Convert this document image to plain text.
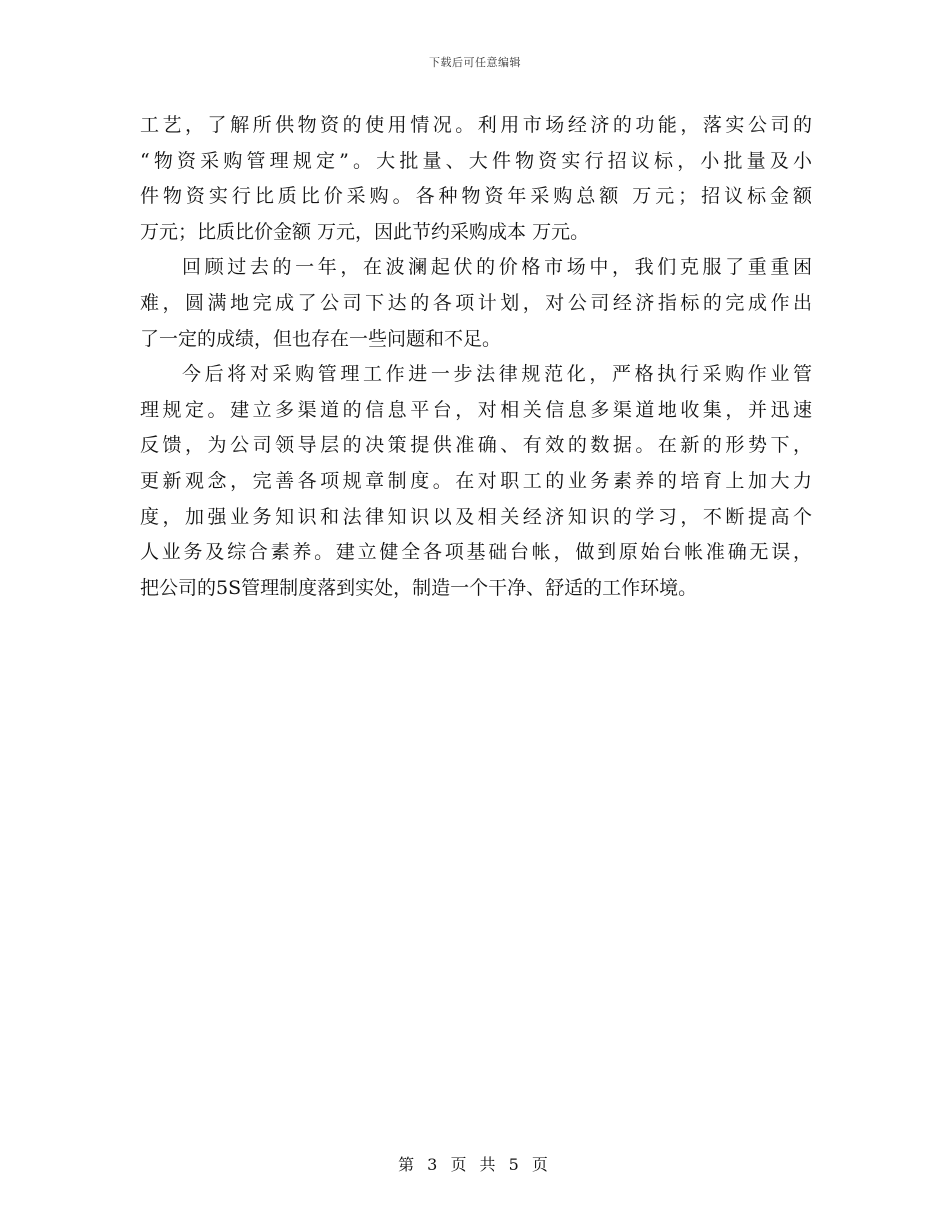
下载后可任意编辑
工艺，了解所供物资的使用情况。利用市场经济的功能，落实公司的
“物资采购管理规定”。大批量、大件物资实行招议标，小批量及小
件物资实行比质比价采购。各种物资年采购总额 万元；招议标金额
万元；比质比价金额 万元，因此节约采购成本 万元。
回顾过去的一年，在波澜起伏的价格市场中，我们克服了重重困
难，圆满地完成了公司下达的各项计划，对公司经济指标的完成作出
了一定的成绩，但也存在一些问题和不足。
今后将对采购管理工作进一步法律规范化，严格执行采购作业管
理规定。建立多渠道的信息平台，对相关信息多渠道地收集，并迅速
反馈，为公司领导层的决策提供准确、有效的数据。在新的形势下，
更新观念，完善各项规章制度。在对职工的业务素养的培育上加大力
度，加强业务知识和法律知识以及相关经济知识的学习，不断提高个
人业务及综合素养。建立健全各项基础台帐，做到原始台帐准确无误，
把公司的5S管理制度落到实处，制造一个干净、舒适的工作环境。
第 3 页 共 5 页
